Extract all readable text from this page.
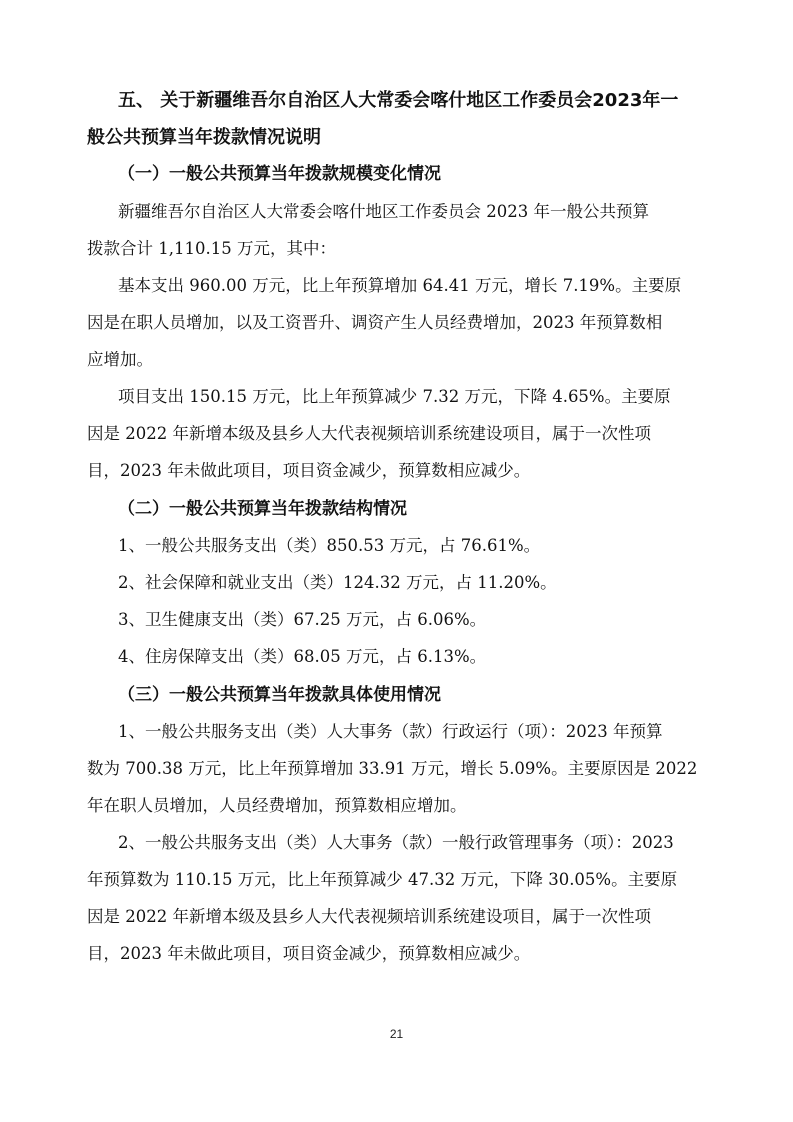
五、 关于新疆维吾尔自治区人大常委会喀什地区工作委员会2023年一
般公共预算当年拨款情况说明
（一）一般公共预算当年拨款规模变化情况
新疆维吾尔自治区人大常委会喀什地区工作委员会 2023 年一般公共预算
拨款合计 1,110.15 万元，其中：
基本支出 960.00 万元，比上年预算增加 64.41 万元，增长 7.19%。主要原
因是在职人员增加，以及工资晋升、调资产生人员经费增加，2023 年预算数相
应增加。
项目支出 150.15 万元，比上年预算减少 7.32 万元，下降 4.65%。主要原
因是 2022 年新增本级及县乡人大代表视频培训系统建设项目，属于一次性项
目，2023 年未做此项目，项目资金减少，预算数相应减少。
（二）一般公共预算当年拨款结构情况
1、一般公共服务支出（类）850.53 万元，占 76.61%。
2、社会保障和就业支出（类）124.32 万元，占 11.20%。
3、卫生健康支出（类）67.25 万元，占 6.06%。
4、住房保障支出（类）68.05 万元，占 6.13%。
（三）一般公共预算当年拨款具体使用情况
1、一般公共服务支出（类）人大事务（款）行政运行（项）：2023 年预算
数为 700.38 万元，比上年预算增加 33.91 万元，增长 5.09%。主要原因是 2022
年在职人员增加，人员经费增加，预算数相应增加。
2、一般公共服务支出（类）人大事务（款）一般行政管理事务（项）：2023
年预算数为 110.15 万元，比上年预算减少 47.32 万元，下降 30.05%。主要原
因是 2022 年新增本级及县乡人大代表视频培训系统建设项目，属于一次性项
目，2023 年未做此项目，项目资金减少，预算数相应减少。
21
